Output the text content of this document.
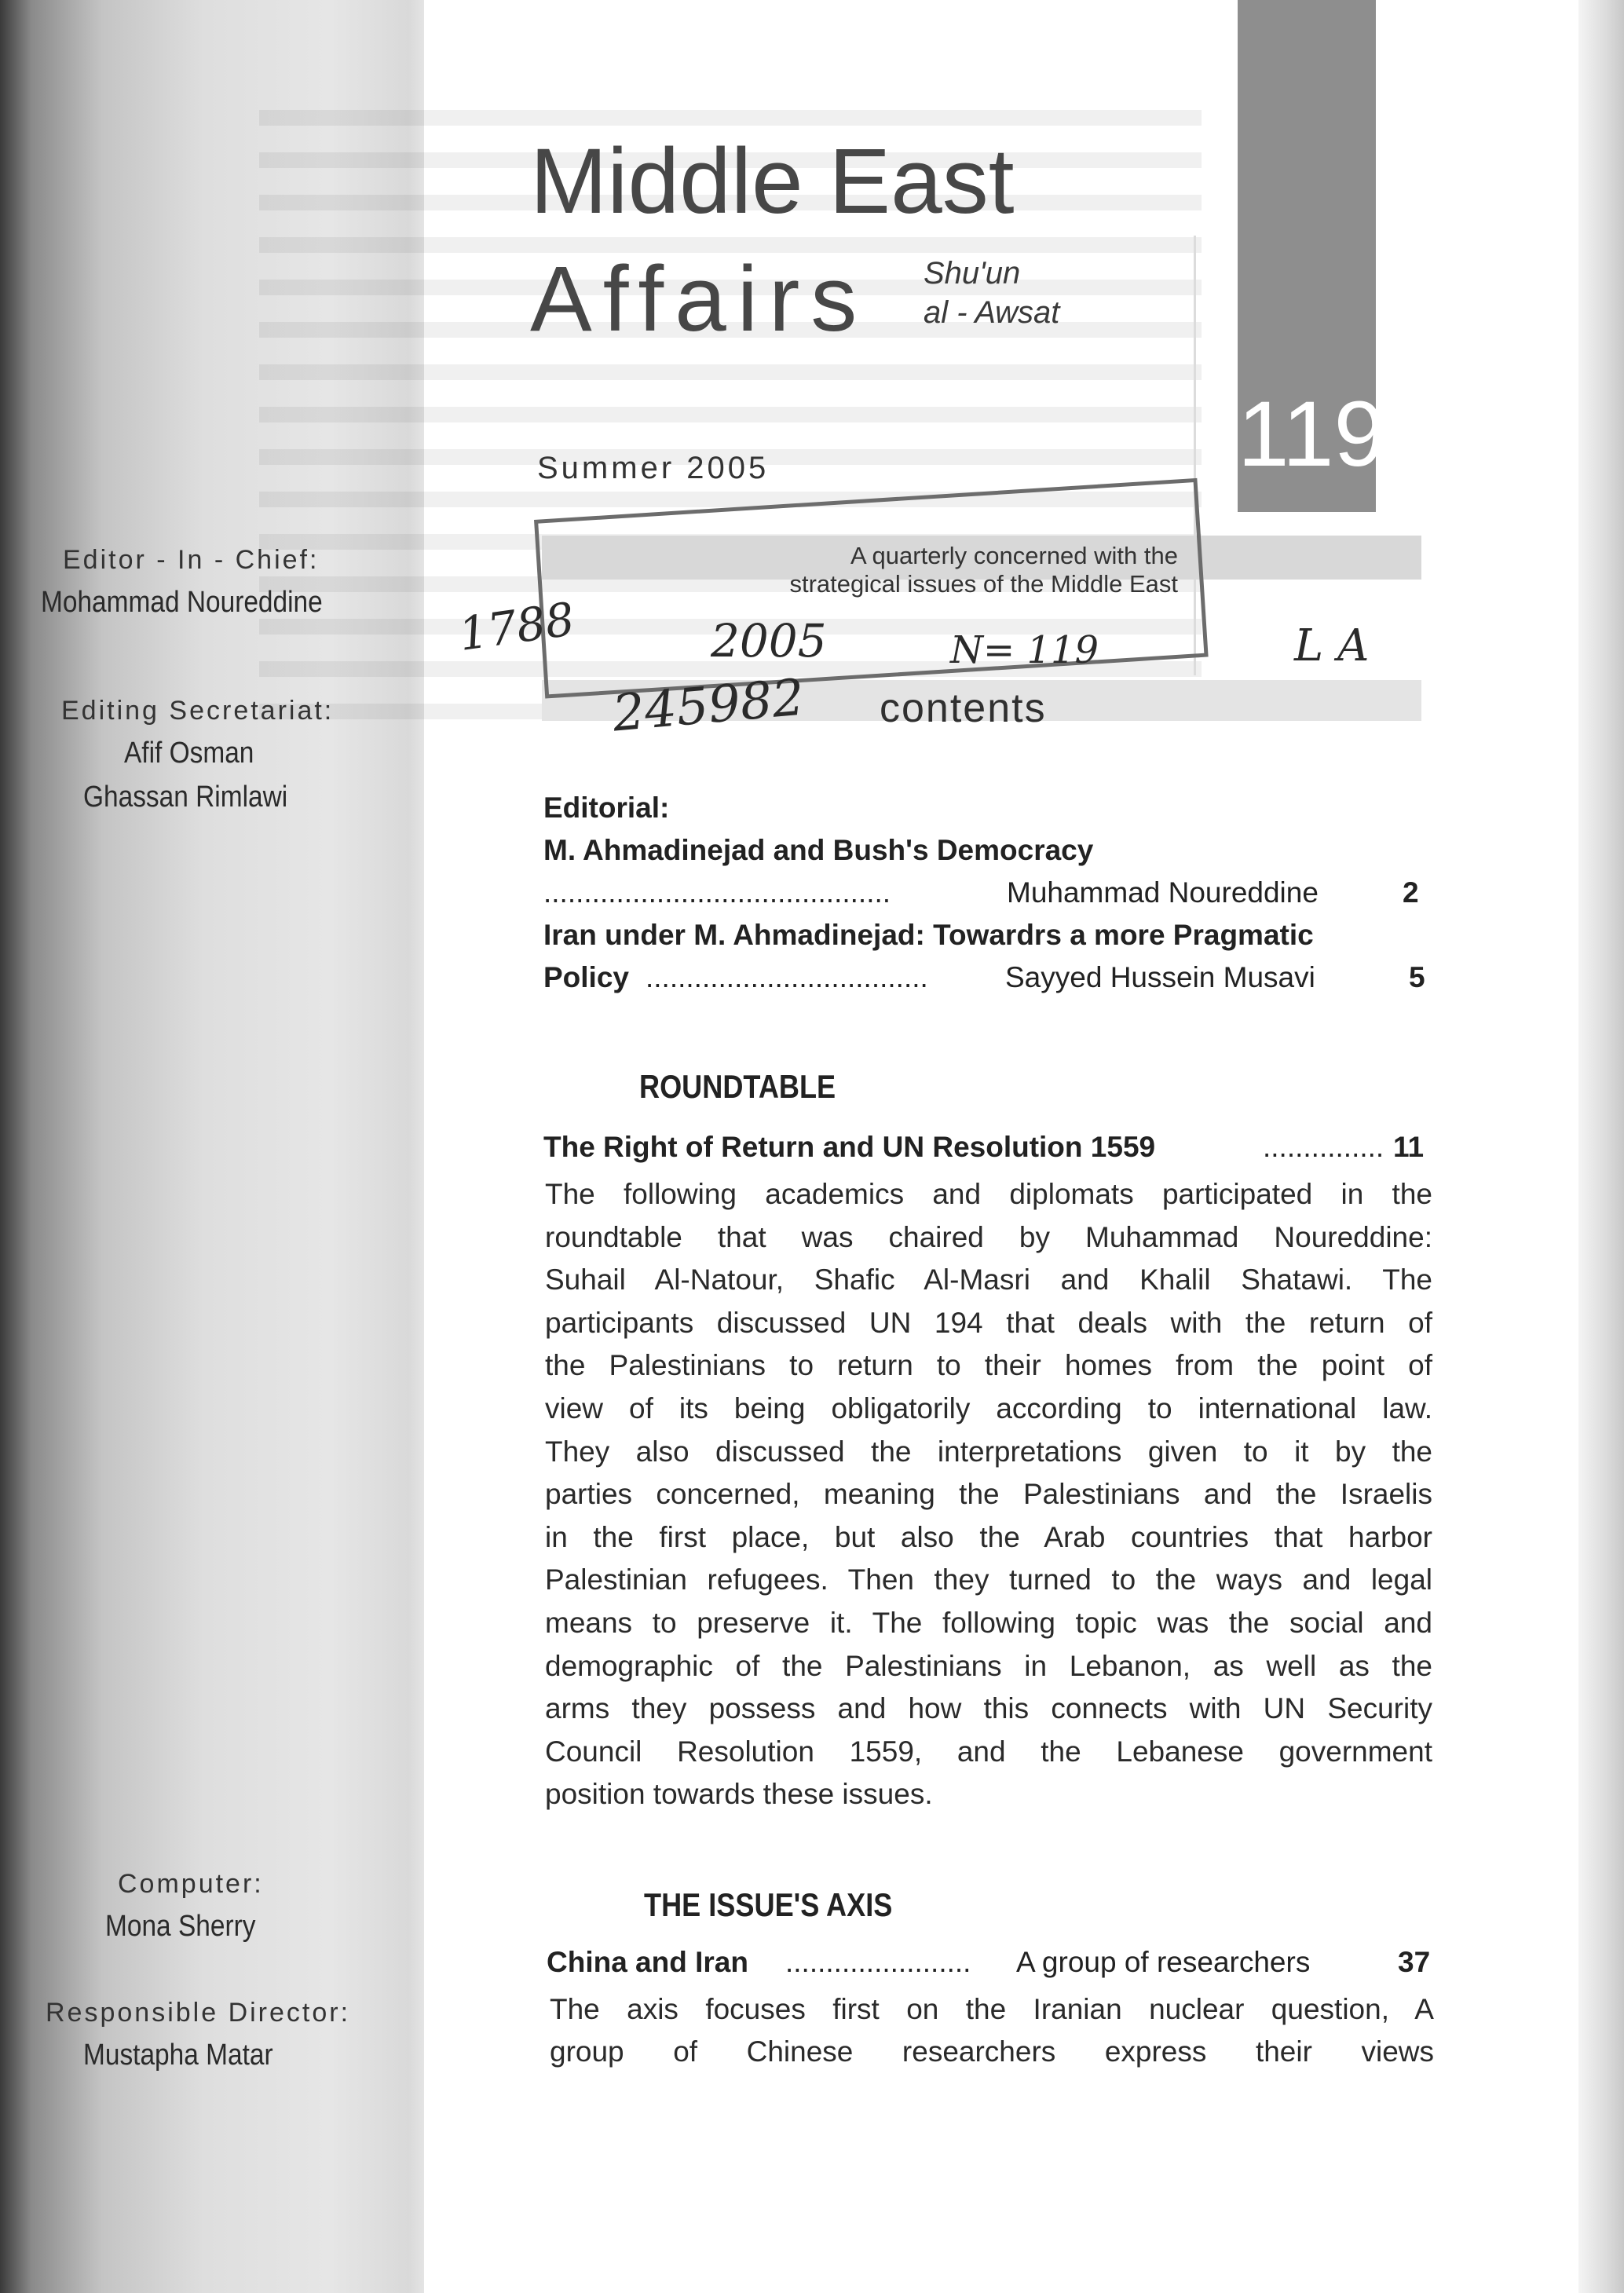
119
Middle East
Affairs Shu'un
al - Awsat
Summer 2005
A quarterly concerned with the
strategical issues of the Middle East
1788	2005	N= 119	L A
245982 contents
Editor - In - Chief:
Mohammad Noureddine
Editing Secretariat:
Afif Osman
Ghassan Rimlawi
Computer:
Mona Sherry
Responsible Director:
Mustapha Matar
Editorial:
M. Ahmadinejad and Bush's Democracy
...........................................	Muhammad Noureddine	2
Iran under M. Ahmadinejad: Towardrs a more Pragmatic
Policy ...................................	Sayyed Hussein Musavi	5
ROUNDTABLE
The Right of Return and UN Resolution 1559	............... 11
The following academics and diplomats participated in the
roundtable that was chaired by Muhammad Noureddine:
Suhail Al-Natour, Shafic Al-Masri and Khalil Shatawi. The
participants discussed UN 194 that deals with the return of
the Palestinians to return to their homes from the point of
view of its being obligatorily according to international law.
They also discussed the interpretations given to it by the
parties concerned, meaning the Palestinians and the Israelis
in the first place, but also the Arab countries that harbor
Palestinian refugees. Then they turned to the ways and legal
means to preserve it. The following topic was the social and
demographic of the Palestinians in Lebanon, as well as the
arms they possess and how this connects with UN Security
Council Resolution 1559, and the Lebanese government
position towards these issues.
THE ISSUE'S AXIS
China and Iran ....................... A group of researchers	37
The axis focuses first on the Iranian nuclear question, A
group of Chinese researchers express their views
